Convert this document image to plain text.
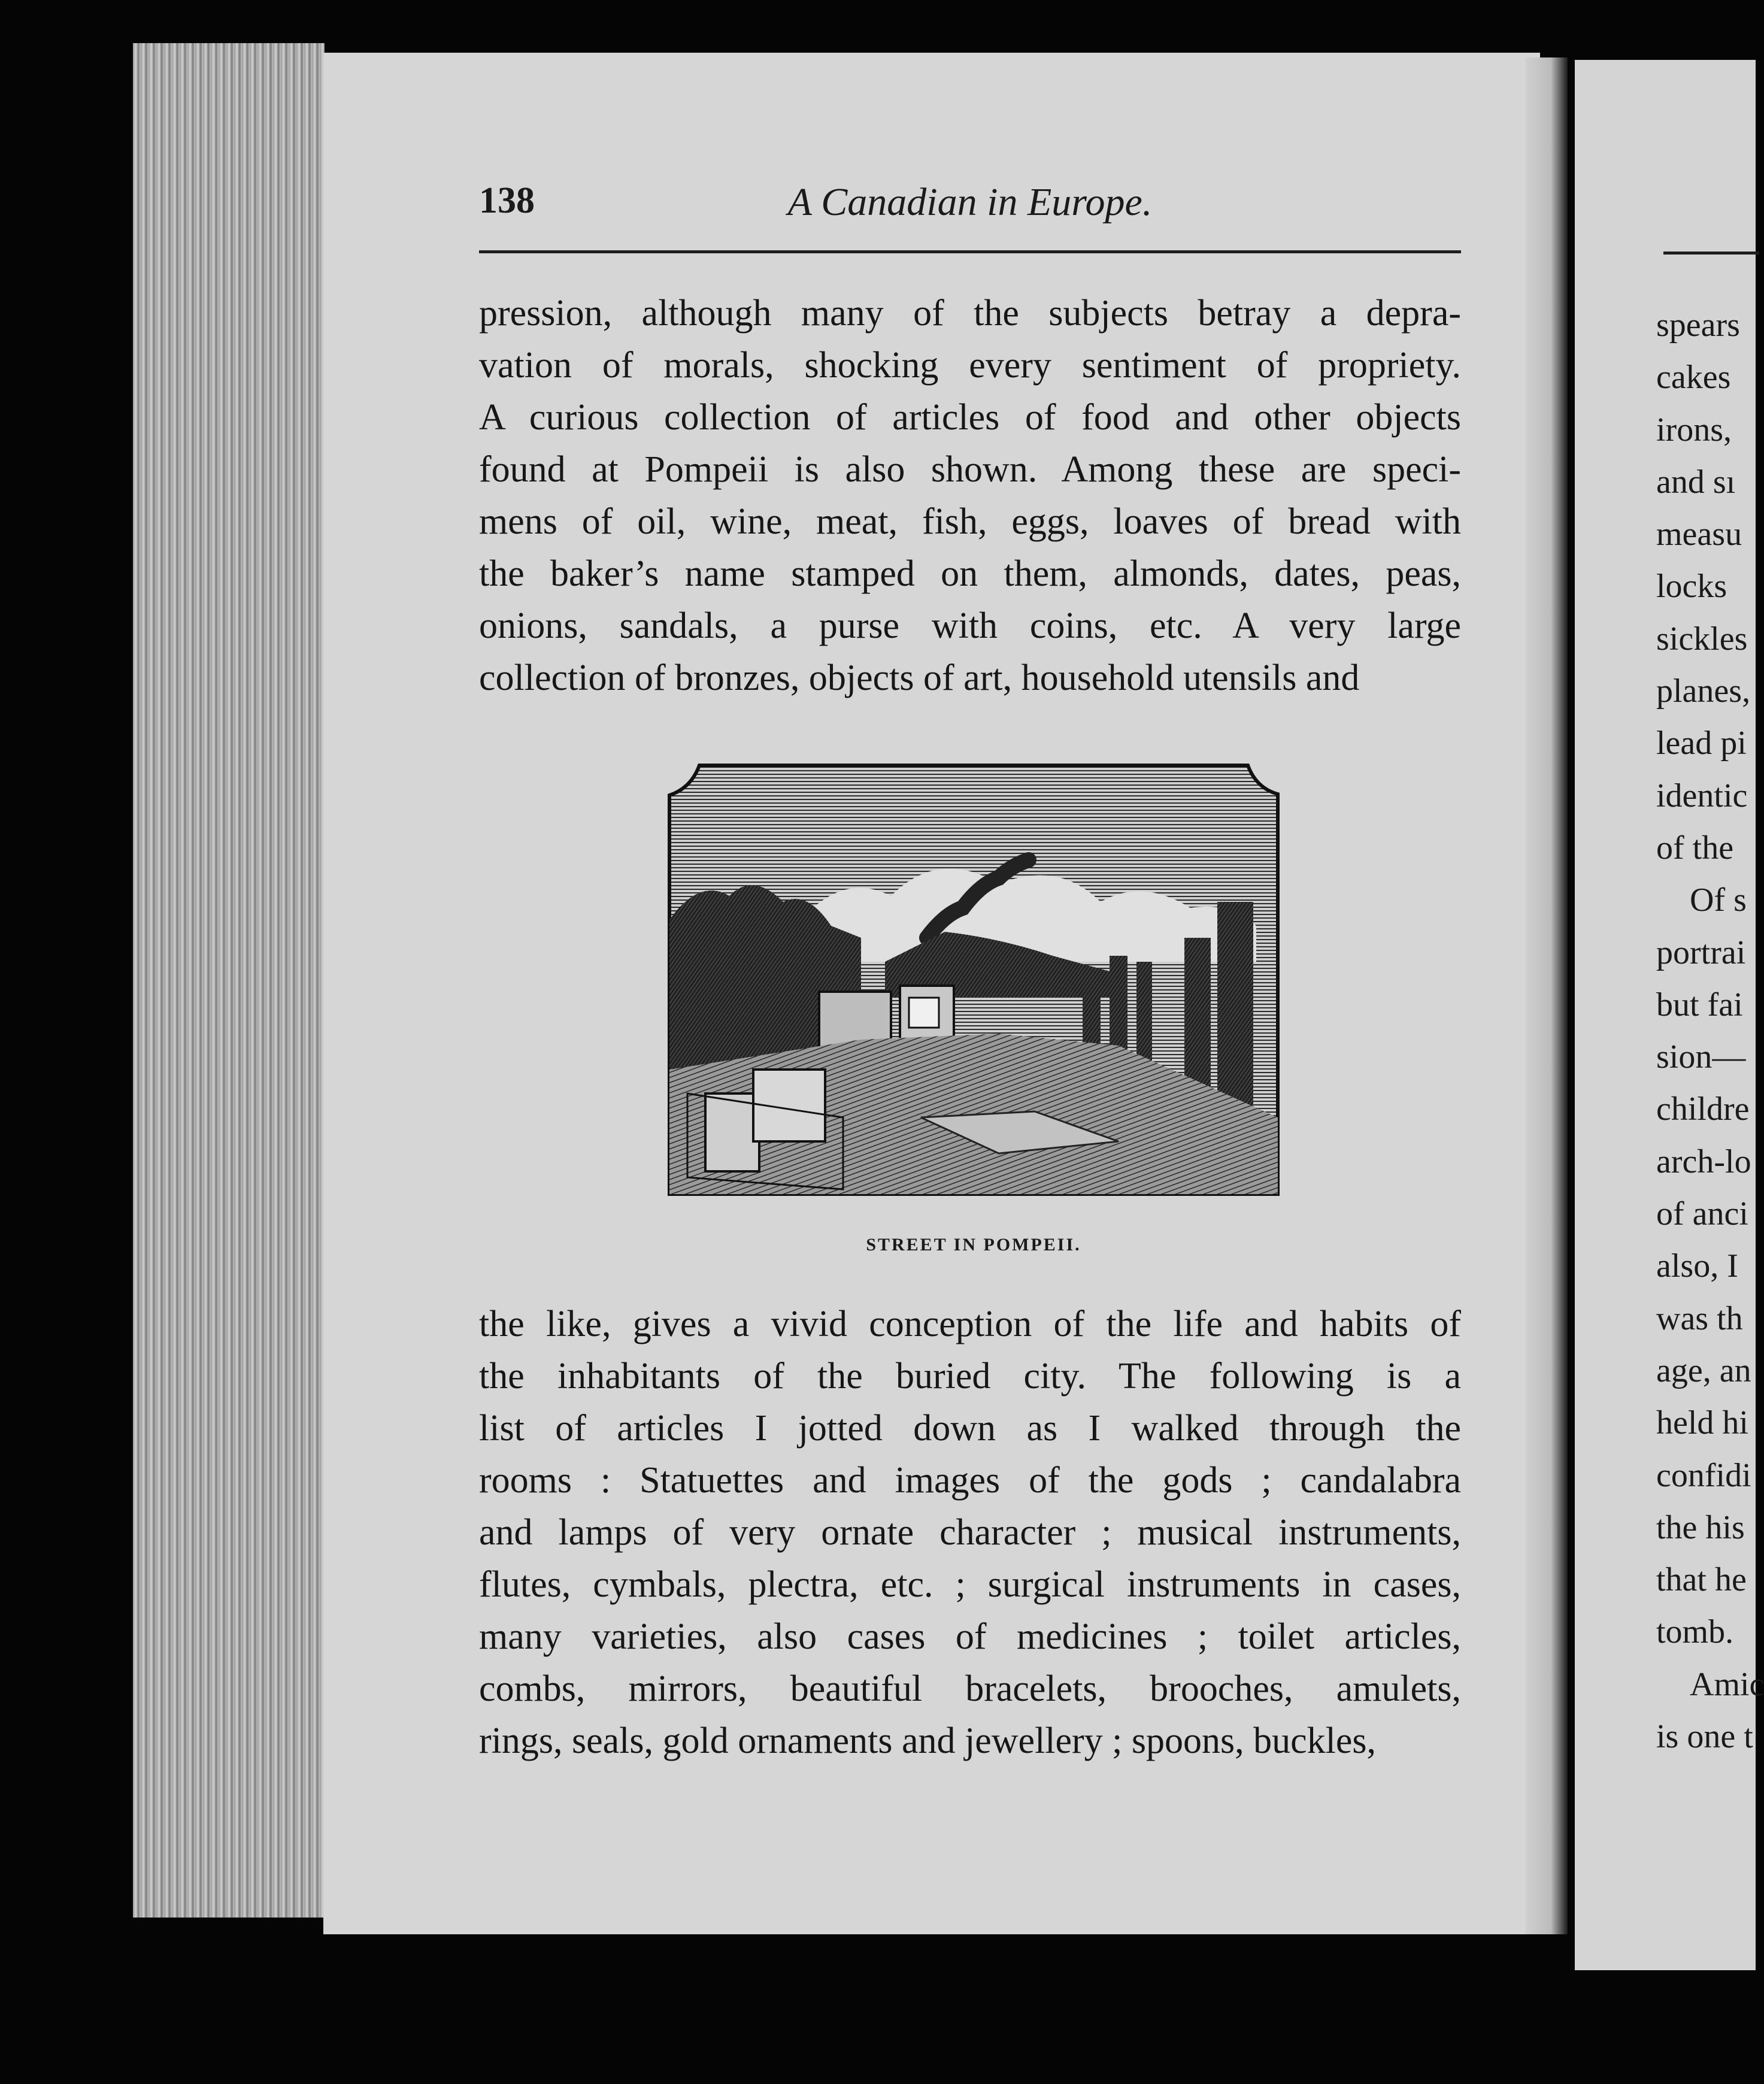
138	A Canadian in Europe.
pression, although many of the subjects betray a depra-
vation of morals, shocking every sentiment of propriety.
A curious collection of articles of food and other objects
found at Pompeii is also shown. Among these are speci-
mens of oil, wine, meat, fish, eggs, loaves of bread with
the baker’s name stamped on them, almonds, dates, peas,
onions, sandals, a purse with coins, etc. A very large
collection of bronzes, objects of art, household utensils and
STREET IN POMPEII.
the like, gives a vivid conception of the life and habits of
the inhabitants of the buried city. The following is a
list of articles I jotted down as I walked through the
rooms : Statuettes and images of the gods ; candalabra
and lamps of very ornate character ; musical instruments,
flutes, cymbals, plectra, etc. ; surgical instruments in cases,
many varieties, also cases of medicines ; toilet articles,
combs, mirrors, beautiful bracelets, brooches, amulets,
rings, seals, gold ornaments and jewellery ; spoons, buckles,
spears
cakes
irons,
and sı
measu
locks
sickles
planes,
lead pi
identic
of the
Of s
portrai
but fai
sion—
childre
arch-lo
of anci
also, I
was th
age, an
held hi
confidi
the his
that he
tomb.
Amic
is one t
